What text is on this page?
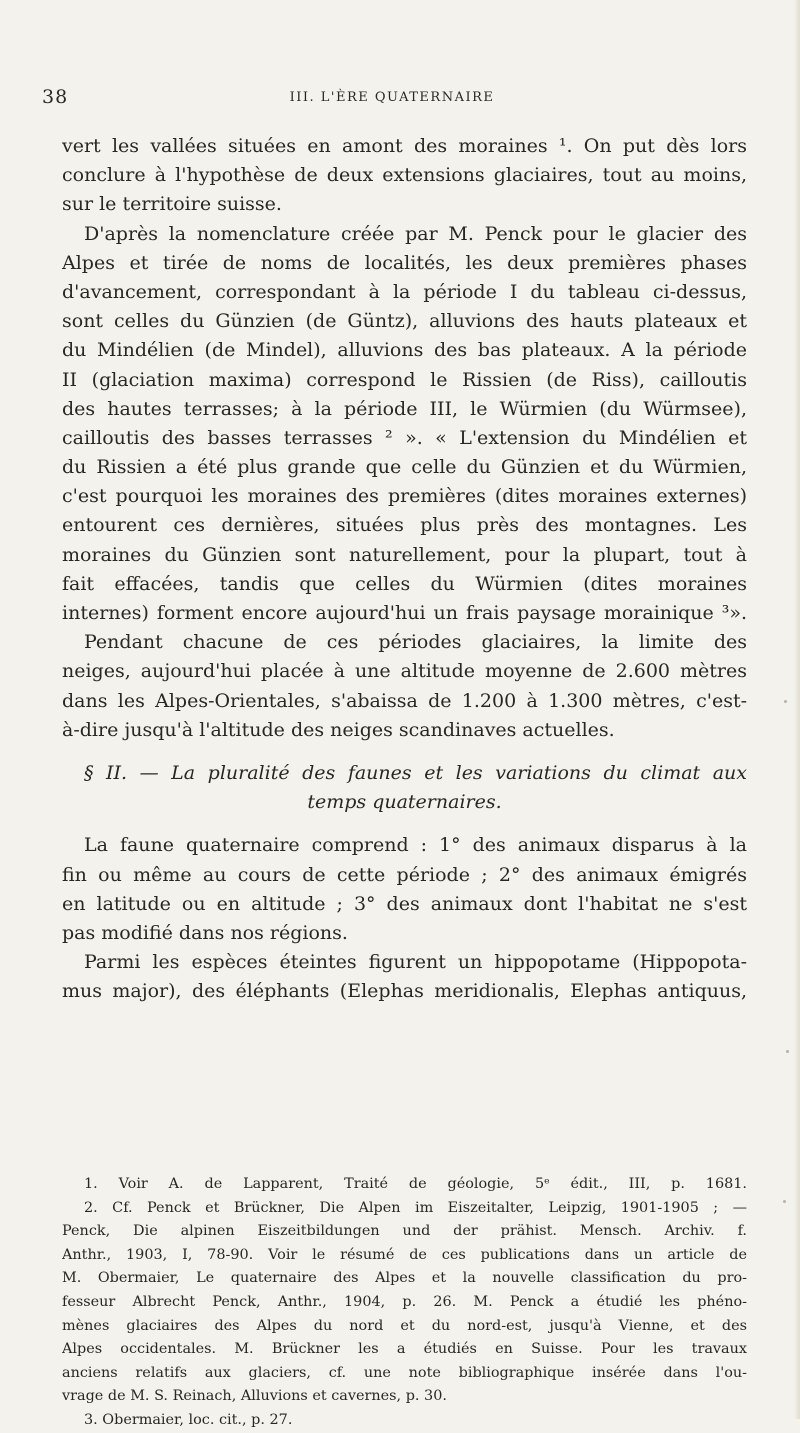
38	III. L'ÈRE QUATERNAIRE
vert les vallées situées en amont des moraines ¹. On put dès lors
conclure à l'hypothèse de deux extensions glaciaires, tout au moins,
sur le territoire suisse.
D'après la nomenclature créée par M. Penck pour le glacier des
Alpes et tirée de noms de localités, les deux premières phases
d'avancement, correspondant à la période I du tableau ci-dessus,
sont celles du Günzien (de Güntz), alluvions des hauts plateaux et
du Mindélien (de Mindel), alluvions des bas plateaux. A la période
II (glaciation maxima) correspond le Rissien (de Riss), cailloutis
des hautes terrasses; à la période III, le Würmien (du Würmsee),
cailloutis des basses terrasses ² ». « L'extension du Mindélien et
du Rissien a été plus grande que celle du Günzien et du Würmien,
c'est pourquoi les moraines des premières (dites moraines externes)
entourent ces dernières, situées plus près des montagnes. Les
moraines du Günzien sont naturellement, pour la plupart, tout à
fait effacées, tandis que celles du Würmien (dites moraines
internes) forment encore aujourd'hui un frais paysage morainique ³».
Pendant chacune de ces périodes glaciaires, la limite des
neiges, aujourd'hui placée à une altitude moyenne de 2.600 mètres
dans les Alpes-Orientales, s'abaissa de 1.200 à 1.300 mètres, c'est-
à-dire jusqu'à l'altitude des neiges scandinaves actuelles.
§ II. — La pluralité des faunes et les variations du climat aux
temps quaternaires.
La faune quaternaire comprend : 1° des animaux disparus à la
fin ou même au cours de cette période ; 2° des animaux émigrés
en latitude ou en altitude ; 3° des animaux dont l'habitat ne s'est
pas modifié dans nos régions.
Parmi les espèces éteintes figurent un hippopotame (Hippopota-
mus major), des éléphants (Elephas meridionalis, Elephas antiquus,
1. Voir A. de Lapparent, Traité de géologie, 5ᵉ édit., III, p. 1681.
2. Cf. Penck et Brückner, Die Alpen im Eiszeitalter, Leipzig, 1901-1905 ; —
Penck, Die alpinen Eiszeitbildungen und der prähist. Mensch. Archiv. f.
Anthr., 1903, I, 78-90. Voir le résumé de ces publications dans un article de
M. Obermaier, Le quaternaire des Alpes et la nouvelle classification du pro-
fesseur Albrecht Penck, Anthr., 1904, p. 26. M. Penck a étudié les phéno-
mènes glaciaires des Alpes du nord et du nord-est, jusqu'à Vienne, et des
Alpes occidentales. M. Brückner les a étudiés en Suisse. Pour les travaux
anciens relatifs aux glaciers, cf. une note bibliographique insérée dans l'ou-
vrage de M. S. Reinach, Alluvions et cavernes, p. 30.
3. Obermaier, loc. cit., p. 27.
